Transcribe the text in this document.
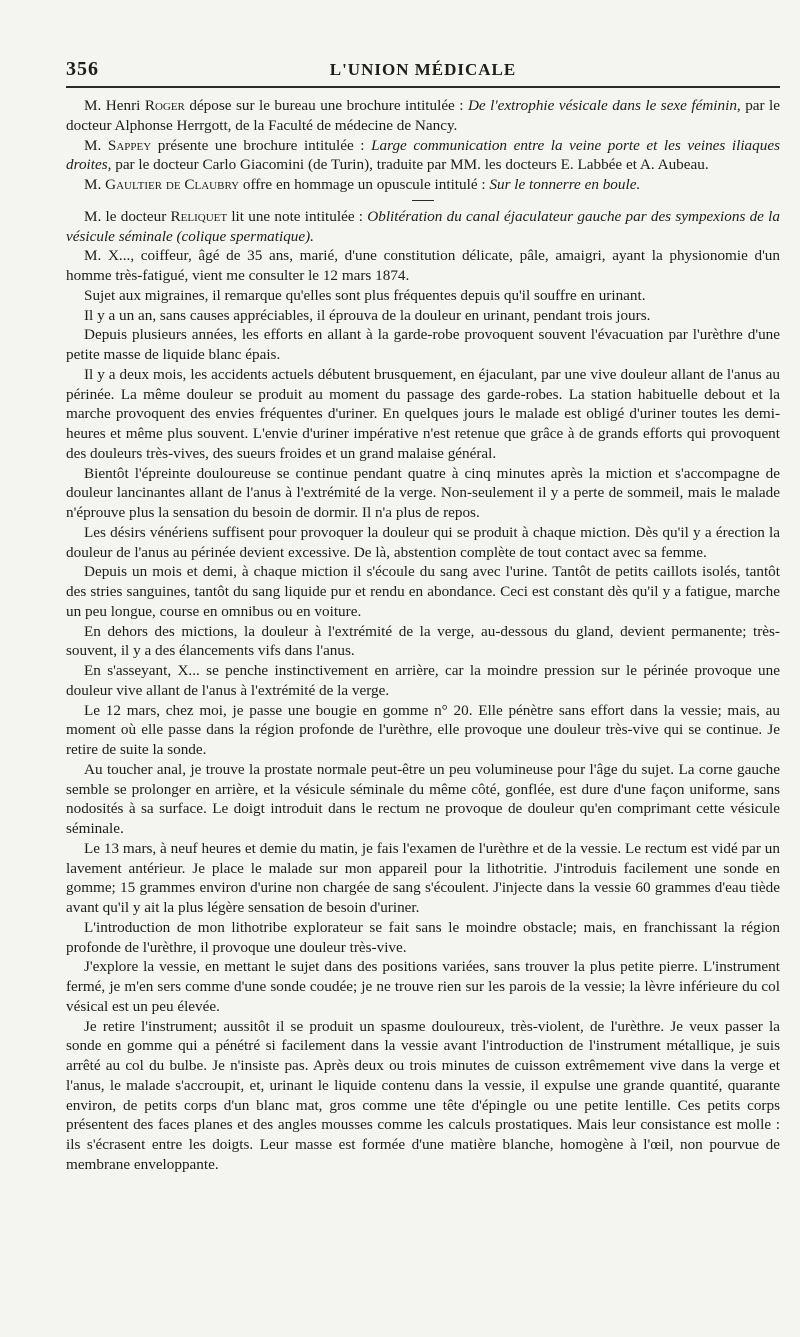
356	L'UNION MÉDICALE

M. Henri Roger dépose sur le bureau une brochure intitulée : De l'extrophie vésicale dans le sexe féminin, par le docteur Alphonse Herrgott, de la Faculté de médecine de Nancy.

M. Sappey présente une brochure intitulée : Large communication entre la veine porte et les veines iliaques droites, par le docteur Carlo Giacomini (de Turin), traduite par MM. les docteurs E. Labbée et A. Aubeau.

M. Gaultier de Claubry offre en hommage un opuscule intitulé : Sur le tonnerre en boule.

M. le docteur Reliquet lit une note intitulée : Oblitération du canal éjaculateur gauche par des sympexions de la vésicule séminale (colique spermatique).

M. X..., coiffeur, âgé de 35 ans, marié, d'une constitution délicate, pâle, amaigri, ayant la physionomie d'un homme très-fatigué, vient me consulter le 12 mars 1874.

Sujet aux migraines, il remarque qu'elles sont plus fréquentes depuis qu'il souffre en urinant.

Il y a un an, sans causes appréciables, il éprouva de la douleur en urinant, pendant trois jours.

Depuis plusieurs années, les efforts en allant à la garde-robe provoquent souvent l'évacuation par l'urèthre d'une petite masse de liquide blanc épais.

Il y a deux mois, les accidents actuels débutent brusquement, en éjaculant, par une vive douleur allant de l'anus au périnée. La même douleur se produit au moment du passage des garde-robes. La station habituelle debout et la marche provoquent des envies fréquentes d'uriner. En quelques jours le malade est obligé d'uriner toutes les demi-heures et même plus souvent. L'envie d'uriner impérative n'est retenue que grâce à de grands efforts qui provoquent des douleurs très-vives, des sueurs froides et un grand malaise général.

Bientôt l'épreinte douloureuse se continue pendant quatre à cinq minutes après la miction et s'accompagne de douleur lancinantes allant de l'anus à l'extrémité de la verge. Non-seulement il y a perte de sommeil, mais le malade n'éprouve plus la sensation du besoin de dormir. Il n'a plus de repos.

Les désirs vénériens suffisent pour provoquer la douleur qui se produit à chaque miction. Dès qu'il y a érection la douleur de l'anus au périnée devient excessive. De là, abstention complète de tout contact avec sa femme.

Depuis un mois et demi, à chaque miction il s'écoule du sang avec l'urine. Tantôt de petits caillots isolés, tantôt des stries sanguines, tantôt du sang liquide pur et rendu en abondance. Ceci est constant dès qu'il y a fatigue, marche un peu longue, course en omnibus ou en voiture.

En dehors des mictions, la douleur à l'extrémité de la verge, au-dessous du gland, devient permanente; très-souvent, il y a des élancements vifs dans l'anus.

En s'asseyant, X... se penche instinctivement en arrière, car la moindre pression sur le périnée provoque une douleur vive allant de l'anus à l'extrémité de la verge.

Le 12 mars, chez moi, je passe une bougie en gomme n° 20. Elle pénètre sans effort dans la vessie; mais, au moment où elle passe dans la région profonde de l'urèthre, elle provoque une douleur très-vive qui se continue. Je retire de suite la sonde.

Au toucher anal, je trouve la prostate normale peut-être un peu volumineuse pour l'âge du sujet. La corne gauche semble se prolonger en arrière, et la vésicule séminale du même côté, gonflée, est dure d'une façon uniforme, sans nodosités à sa surface. Le doigt introduit dans le rectum ne provoque de douleur qu'en comprimant cette vésicule séminale.

Le 13 mars, à neuf heures et demie du matin, je fais l'examen de l'urèthre et de la vessie. Le rectum est vidé par un lavement antérieur. Je place le malade sur mon appareil pour la lithotritie. J'introduis facilement une sonde en gomme; 15 grammes environ d'urine non chargée de sang s'écoulent. J'injecte dans la vessie 60 grammes d'eau tiède avant qu'il y ait la plus légère sensation de besoin d'uriner.

L'introduction de mon lithotribe explorateur se fait sans le moindre obstacle; mais, en franchissant la région profonde de l'urèthre, il provoque une douleur très-vive.

J'explore la vessie, en mettant le sujet dans des positions variées, sans trouver la plus petite pierre. L'instrument fermé, je m'en sers comme d'une sonde coudée; je ne trouve rien sur les parois de la vessie; la lèvre inférieure du col vésical est un peu élevée.

Je retire l'instrument; aussitôt il se produit un spasme douloureux, très-violent, de l'urèthre. Je veux passer la sonde en gomme qui a pénétré si facilement dans la vessie avant l'introduction de l'instrument métallique, je suis arrêté au col du bulbe. Je n'insiste pas. Après deux ou trois minutes de cuisson extrêmement vive dans la verge et l'anus, le malade s'accroupit, et, urinant le liquide contenu dans la vessie, il expulse une grande quantité, quarante environ, de petits corps d'un blanc mat, gros comme une tête d'épingle ou une petite lentille. Ces petits corps présentent des faces planes et des angles mousses comme les calculs prostatiques. Mais leur consistance est molle : ils s'écrasent entre les doigts. Leur masse est formée d'une matière blanche, homogène à l'œil, non pourvue de membrane enveloppante.
